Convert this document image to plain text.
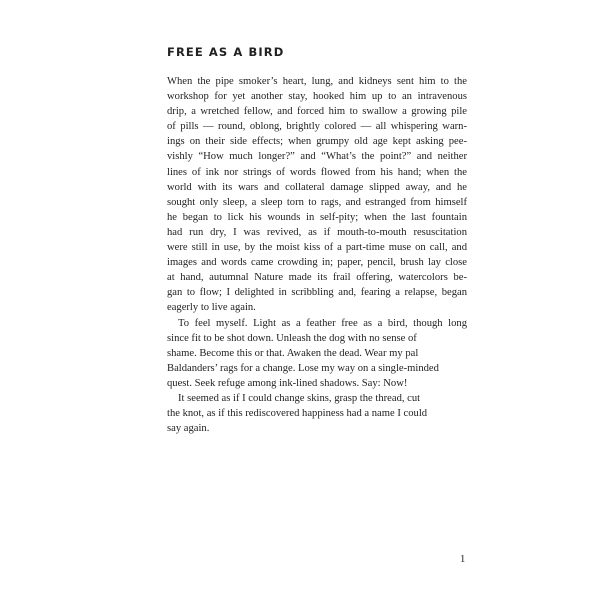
FREE AS A BIRD
When the pipe smoker’s heart, lung, and kidneys sent him to the
workshop for yet another stay, hooked him up to an intravenous
drip, a wretched fellow, and forced him to swallow a growing pile
of pills — round, oblong, brightly colored — all whispering warn-
ings on their side effects; when grumpy old age kept asking pee-
vishly “How much longer?” and “What’s the point?” and neither
lines of ink nor strings of words flowed from his hand; when the
world with its wars and collateral damage slipped away, and he
sought only sleep, a sleep torn to rags, and estranged from himself
he began to lick his wounds in self-pity; when the last fountain
had run dry, I was revived, as if mouth-to-mouth resuscitation
were still in use, by the moist kiss of a part-time muse on call, and
images and words came crowding in; paper, pencil, brush lay close
at hand, autumnal Nature made its frail offering, watercolors be-
gan to flow; I delighted in scribbling and, fearing a relapse, began
eagerly to live again.
To feel myself. Light as a feather free as a bird, though long
since fit to be shot down. Unleash the dog with no sense of
shame. Become this or that. Awaken the dead. Wear my pal
Baldanders’ rags for a change. Lose my way on a single-minded
quest. Seek refuge among ink-lined shadows. Say: Now!
It seemed as if I could change skins, grasp the thread, cut
the knot, as if this rediscovered happiness had a name I could
say again.
1
